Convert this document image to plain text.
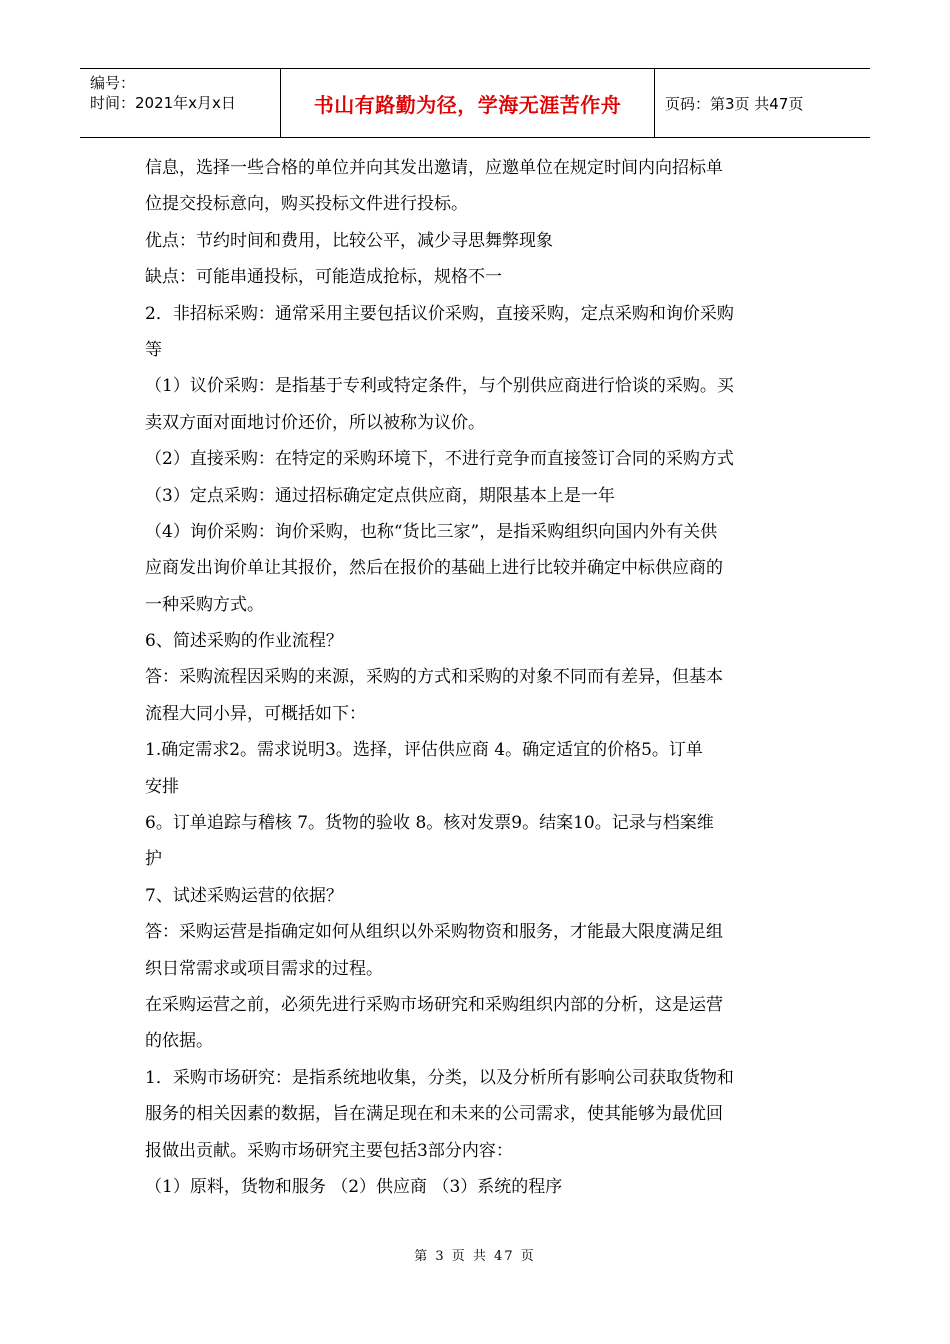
编号：
时间：2021年x月x日	书山有路勤为径，学海无涯苦作舟	页码：第3页 共47页
信息，选择一些合格的单位并向其发出邀请，应邀单位在规定时间内向招标单
位提交投标意向，购买投标文件进行投标。
优点：节约时间和费用，比较公平，减少寻思舞弊现象
缺点：可能串通投标，可能造成抢标，规格不一
2．非招标采购：通常采用主要包括议价采购，直接采购，定点采购和询价采购
等
（1）议价采购：是指基于专利或特定条件，与个别供应商进行恰谈的采购。买
卖双方面对面地讨价还价，所以被称为议价。
（2）直接采购：在特定的采购环境下，不进行竞争而直接签订合同的采购方式
（3）定点采购：通过招标确定定点供应商，期限基本上是一年
（4）询价采购：询价采购，也称“货比三家”，是指采购组织向国内外有关供
应商发出询价单让其报价，然后在报价的基础上进行比较并确定中标供应商的
一种采购方式。
6、简述采购的作业流程？
答：采购流程因采购的来源，采购的方式和采购的对象不同而有差异，但基本
流程大同小异，可概括如下：
1.确定需求2。需求说明3。选择，评估供应商 4。确定适宜的价格5。订单
安排
6。订单追踪与稽核 7。货物的验收 8。核对发票9。结案10。记录与档案维
护
7、试述采购运营的依据？
答：采购运营是指确定如何从组织以外采购物资和服务，才能最大限度满足组
织日常需求或项目需求的过程。
在采购运营之前，必须先进行采购市场研究和采购组织内部的分析，这是运营
的依据。
1．采购市场研究：是指系统地收集，分类，以及分析所有影响公司获取货物和
服务的相关因素的数据，旨在满足现在和未来的公司需求，使其能够为最优回
报做出贡献。采购市场研究主要包括3部分内容：
（1）原料，货物和服务 （2）供应商 （3）系统的程序
第 3 页 共 47 页
